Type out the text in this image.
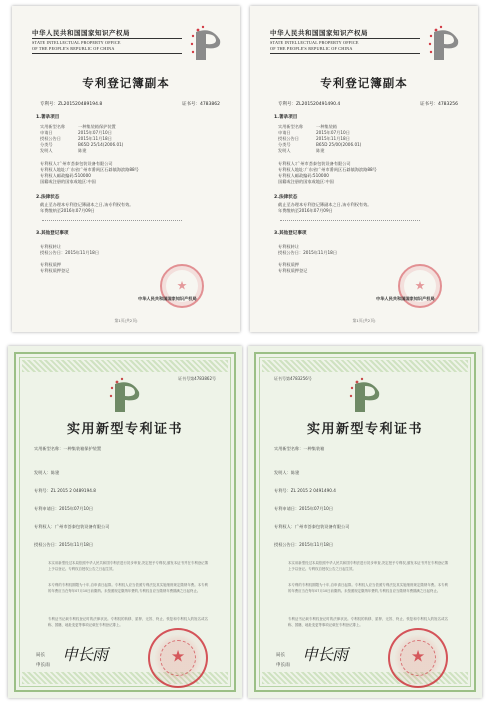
中华人民共和国国家知识产权局
STATE INTELLECTUAL PROPERTY OFFICE
OF THE PEOPLE'S REPUBLIC OF CHINA
专利登记簿副本
专利号：ZL201520489194.8	证书号：4783862
1.著录项目
实用新型名称	一种集装箱保护装置
申请日	2015年07月10日
授权公告日	2015年11月18日
分类号	B65D 25/14(2006.01)
发明人	陈建
专利权人:广州市荟泰包装设备有限公司
专利权人地址:广东省广州市番禺区石碁镇海滨路88号
专利权人邮政编码:510000
国籍或注册的国家或地区:中国
2.法律状态
截止至办理本专利登记簿副本之日,该专利权有效。
年费缴纳至2016年07月09日
3.其他登记事项
专利权转让
授权公告日：2015年11月18日
专利权质押
专利权质押登记
★
中华人民共和国国家知识产权局
第1页(共2页)
中华人民共和国国家知识产权局
STATE INTELLECTUAL PROPERTY OFFICE
OF THE PEOPLE'S REPUBLIC OF CHINA
专利登记簿副本
专利号：ZL201520491490.4	证书号：4783256
1.著录项目
实用新型名称	一种集装箱
申请日	2015年07月10日
授权公告日	2015年11月18日
分类号	B65D 25/00(2006.01)
发明人	陈建
专利权人:广州市荟泰包装设备有限公司
专利权人地址:广东省广州市番禺区石碁镇海滨路88号
专利权人邮政编码:510000
国籍或注册的国家或地区:中国
2.法律状态
截止至办理本专利登记簿副本之日,该专利权有效。
年费缴纳至2016年07月09日
3.其他登记事项
专利权转让
授权公告日：2015年11月18日
专利权质押
专利权质押登记
★
中华人民共和国国家知识产权局
第1页(共2页)
实用新型专利证书
证书号第4783862号
实用新型名称：一种集装箱保护装置
发明人：陈建
专利号：ZL 2015 2 0489194.8
专利申请日：2015年07月10日
专利权人：广州市荟泰包装设备有限公司
授权公告日：2015年11月18日
本实用新型经过本局依照中华人民共和国专利法进行初步审查,决定授予专利权,颁发本证书并在专利登记簿上予以登记。专利权自授权公告之日起生效。
本专利的专利权期限为十年,自申请日起算。专利权人应当依照专利法及其实施细则规定缴纳年费。本专利的年费应当在每年07月10日前缴纳。未按照规定缴纳年费的,专利权自应当缴纳年费期满之日起终止。
专利证书记载专利权登记时的法律状况。专利权的转移、质押、无效、终止、恢复和专利权人的姓名或名称、国籍、地址变更等事项记载在专利登记簿上。
局长
申长雨
申长雨
★
实用新型专利证书
证书号第4783256号
实用新型名称：一种集装箱
发明人：陈建
专利号：ZL 2015 2 0491490.4
专利申请日：2015年07月10日
专利权人：广州市荟泰包装设备有限公司
授权公告日：2015年11月18日
本实用新型经过本局依照中华人民共和国专利法进行初步审查,决定授予专利权,颁发本证书并在专利登记簿上予以登记。专利权自授权公告之日起生效。
本专利的专利权期限为十年,自申请日起算。专利权人应当依照专利法及其实施细则规定缴纳年费。本专利的年费应当在每年07月10日前缴纳。未按照规定缴纳年费的,专利权自应当缴纳年费期满之日起终止。
专利证书记载专利权登记时的法律状况。专利权的转移、质押、无效、终止、恢复和专利权人的姓名或名称、国籍、地址变更等事项记载在专利登记簿上。
局长
申长雨
申长雨
★
